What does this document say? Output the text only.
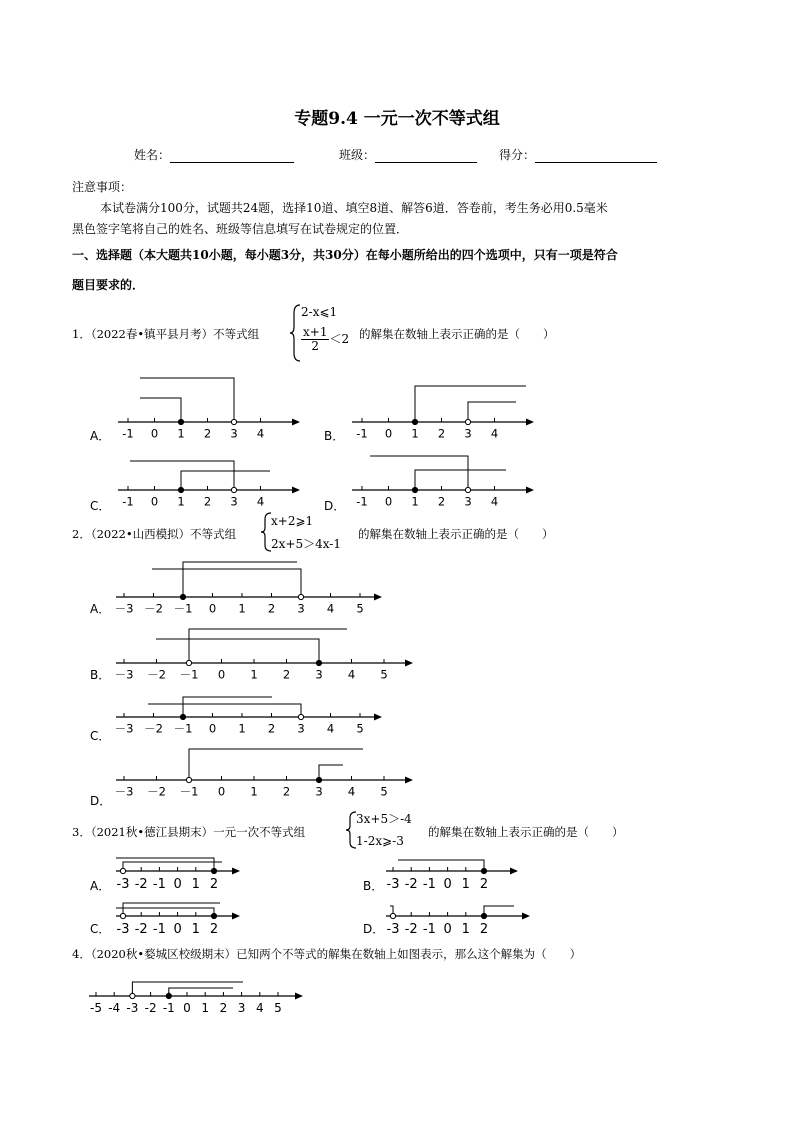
专题9.4 一元一次不等式组
姓名：	班级：	得分：
注意事项：
本试卷满分100分，试题共24题，选择10道、填空8道、解答6道．答卷前，考生务必用0.5毫米
黑色签字笔将自己的姓名、班级等信息填写在试卷规定的位置．
一、选择题（本大题共10小题，每小题3分，共30分）在每小题所给出的四个选项中，只有一项是符合
题目要求的．
1．（2022春•镇平县月考）不等式组
2-x⩽1
$\frac{x+1}{2} <2$ 的解集在数轴上表示正确的是（　　）
A．	B．
C．	D．
-1 0 1 2 3 4	-1 0 1 2 3 4
-1 0 1 2 3 4	-1 0 1 2 3 4
2．（2022•山西模拟）不等式组
x+2⩾1
2x+5＞4x-1
的解集在数轴上表示正确的是（　　）
A．
B．
C．
D．
－3 －2 －1 0 1 2 3 4 5
－3 －2 －1 0 1 2 3 4 5
－3 －2 －1 0 1 2 3 4 5
－3 －2 －1 0 1 2 3 4 5
3．（2021秋•德江县期末）一元一次不等式组
3x+5＞-4
1-2x⩾-3
的解集在数轴上表示正确的是（　　）
A．	B．
C．	D．
-3 -2 -1 0 1 2	-3 -2 -1 0 1 2
-3 -2 -1 0 1 2	-3 -2 -1 0 1 2
4．（2020秋•婺城区校级期末）已知两个不等式的解集在数轴上如图表示，那么这个解集为（　　）
-5 -4 -3 -2 -1 0 1 2 3 4 5
